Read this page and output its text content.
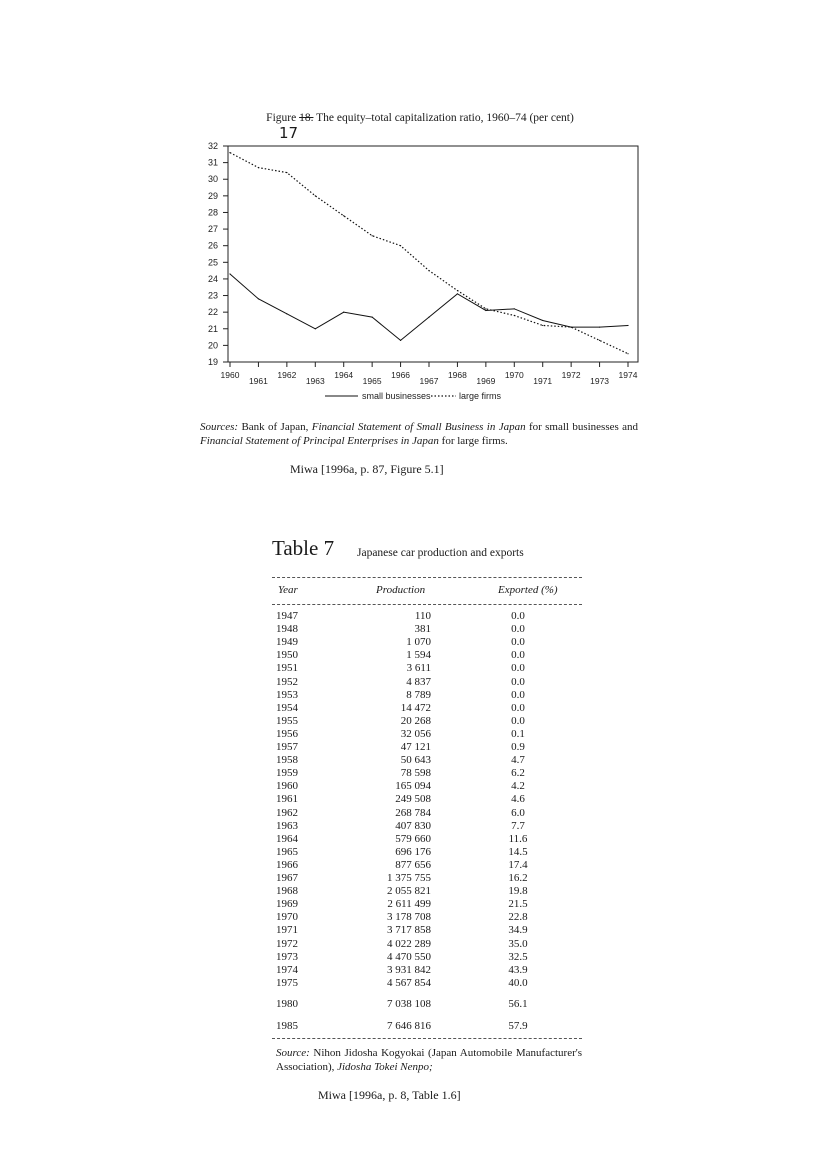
Figure 18. The equity–total capitalization ratio, 1960–74 (per cent)
17
19
20
21
22
23
24
25
26
27
28
29
30
31
32
1960
1961
1962
1963
1964
1965
1966
1967
1968
1969
1970
1971
1972
1973
1974
small businesses	large firms
Sources: Bank of Japan, Financial Statement of Small Business in Japan for small businesses and Financial Statement of Principal Enterprises in Japan for large firms.
Miwa [1996a, p. 87, Figure 5.1]
Table 7 Japanese car production and exports
Year	Production	Exported (%)
1947	110	0.0
1948	381	0.0
1949	1 070	0.0
1950	1 594	0.0
1951	3 611	0.0
1952	4 837	0.0
1953	8 789	0.0
1954	14 472	0.0
1955	20 268	0.0
1956	32 056	0.1
1957	47 121	0.9
1958	50 643	4.7
1959	78 598	6.2
1960	165 094	4.2
1961	249 508	4.6
1962	268 784	6.0
1963	407 830	7.7
1964	579 660	11.6
1965	696 176	14.5
1966	877 656	17.4
1967	1 375 755	16.2
1968	2 055 821	19.8
1969	2 611 499	21.5
1970	3 178 708	22.8
1971	3 717 858	34.9
1972	4 022 289	35.0
1973	4 470 550	32.5
1974	3 931 842	43.9
1975	4 567 854	40.0
1980	7 038 108	56.1
1985	7 646 816	57.9
Source: Nihon Jidosha Kogyokai (Japan Automobile Manufacturer's Association), Jidosha Tokei Nenpo;
Miwa [1996a, p. 8, Table 1.6]
